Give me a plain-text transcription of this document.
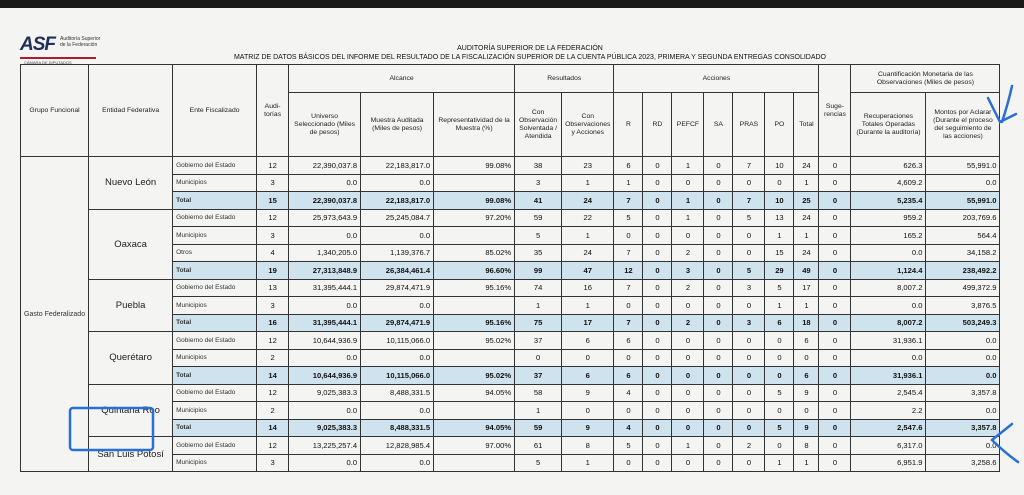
ASF Auditoría Superior de la Federación
CÁMARA DE DIPUTADOS
AUDITORÍA SUPERIOR DE LA FEDERACIÓN
MATRIZ DE DATOS BÁSICOS DEL INFORME DEL RESULTADO DE LA FISCALIZACIÓN SUPERIOR DE LA CUENTA PÚBLICA 2023, PRIMERA Y SEGUNDA ENTREGAS CONSOLIDADO
Grupo Funcional	Entidad Federativa	Ente Fiscalizado	Audi-torías	Alcance			Resultados		Acciones							Suge-rencias	Cuantificación Monetaria de las Observaciones (Miles de pesos)	
				Universo Seleccionado (Miles de pesos)	Muestra Auditada (Miles de pesos)	Representatividad de la Muestra (%)	Con Observación Solventada / Atendida	Con Observaciones y Acciones	R	RD	PEFCF	SA	PRAS	PO	Total		Recuperaciones Totales Operadas (Durante la auditoría)	Montos por Aclarar (Durante el proceso del seguimiento de las acciones)
Gasto Federalizado	Nuevo León	Gobierno del Estado	12	22,390,037.8	22,183,817.0	99.08%	38	23	6	0	1	0	7	10	24	0	626.3	55,991.0
		Municipios	3	0.0	0.0		3	1	1	0	0	0	0	0	1	0	4,609.2	0.0
		Total	15	22,390,037.8	22,183,817.0	99.08%	41	24	7	0	1	0	7	10	25	0	5,235.4	55,991.0
	Oaxaca	Gobierno del Estado	12	25,973,643.9	25,245,084.7	97.20%	59	22	5	0	1	0	5	13	24	0	959.2	203,769.6
		Municipios	3	0.0	0.0		5	1	0	0	0	0	0	1	1	0	165.2	564.4
		Otros	4	1,340,205.0	1,139,376.7	85.02%	35	24	7	0	2	0	0	15	24	0	0.0	34,158.2
		Total	19	27,313,848.9	26,384,461.4	96.60%	99	47	12	0	3	0	5	29	49	0	1,124.4	238,492.2
	Puebla	Gobierno del Estado	13	31,395,444.1	29,874,471.9	95.16%	74	16	7	0	2	0	3	5	17	0	8,007.2	499,372.9
		Municipios	3	0.0	0.0		1	1	0	0	0	0	0	1	1	0	0.0	3,876.5
		Total	16	31,395,444.1	29,874,471.9	95.16%	75	17	7	0	2	0	3	6	18	0	8,007.2	503,249.3
	Querétaro	Gobierno del Estado	12	10,644,936.9	10,115,066.0	95.02%	37	6	6	0	0	0	0	0	6	0	31,936.1	0.0
		Municipios	2	0.0	0.0		0	0	0	0	0	0	0	0	0	0	0.0	0.0
		Total	14	10,644,936.9	10,115,066.0	95.02%	37	6	6	0	0	0	0	0	6	0	31,936.1	0.0
	Quintana Roo	Gobierno del Estado	12	9,025,383.3	8,488,331.5	94.05%	58	9	4	0	0	0	0	5	9	0	2,545.4	3,357.8
		Municipios	2	0.0	0.0		1	0	0	0	0	0	0	0	0	0	2.2	0.0
		Total	14	9,025,383.3	8,488,331.5	94.05%	59	9	4	0	0	0	0	5	9	0	2,547.6	3,357.8
	San Luis Potosí	Gobierno del Estado	12	13,225,257.4	12,828,985.4	97.00%	61	8	5	0	1	0	2	0	8	0	6,317.0	0.0
		Municipios	3	0.0	0.0		5	1	0	0	0	0	0	1	1	0	6,951.9	3,258.6
